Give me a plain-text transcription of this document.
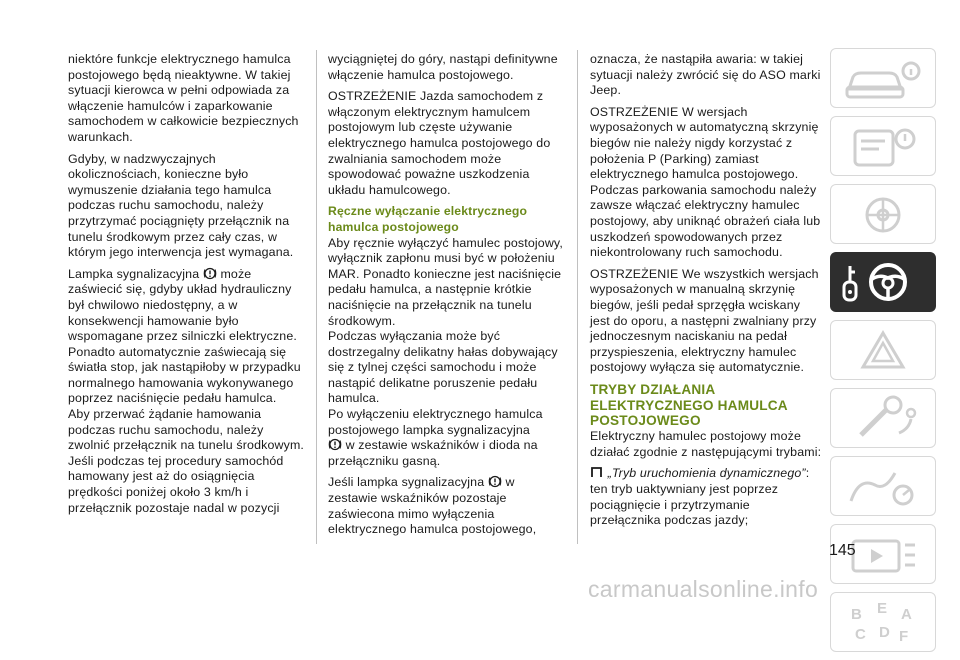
niektóre funkcje elektrycznego hamulca postojowego będą nieaktywne. W takiej sytuacji kierowca w pełni odpowiada za włączenie hamulców i zaparkowanie samochodem w całkowicie bezpiecznych warunkach.

Gdyby, w nadzwyczajnych okolicznościach, konieczne było wymuszenie działania tego hamulca podczas ruchu samochodu, należy przytrzymać pociągnięty przełącznik na tunelu środkowym przez cały czas, w którym jego interwencja jest wymagana.

Lampka sygnalizacyjna może zaświecić się, gdyby układ hydrauliczny był chwilowo niedostępny, a w konsekwencji hamowanie było wspomagane przez silniczki elektryczne. Ponadto automatycznie zaświecają się światła stop, jak nastąpiłoby w przypadku normalnego hamowania wykonywanego poprzez naciśnięcie pedału hamulca.

Aby przerwać żądanie hamowania podczas ruchu samochodu, należy zwolnić przełącznik na tunelu środkowym.

Jeśli podczas tej procedury samochód hamowany jest aż do osiągnięcia prędkości poniżej około 3 km/h i przełącznik pozostaje nadal w pozycji

wyciągniętej do góry, nastąpi definitywne włączenie hamulca postojowego.

OSTRZEŻENIE Jazda samochodem z włączonym elektrycznym hamulcem postojowym lub częste używanie elektrycznego hamulca postojowego do zwalniania samochodem może spowodować poważne uszkodzenia układu hamulcowego.

Ręczne wyłączanie elektrycznego hamulca postojowego

Aby ręcznie wyłączyć hamulec postojowy, wyłącznik zapłonu musi być w położeniu MAR. Ponadto konieczne jest naciśnięcie pedału hamulca, a następnie krótkie naciśnięcie na przełącznik na tunelu środkowym.

Podczas wyłączania może być dostrzegalny delikatny hałas dobywający się z tylnej części samochodu i może nastąpić delikatne poruszenie pedału hamulca.

Po wyłączeniu elektrycznego hamulca postojowego lampka sygnalizacyjna

w zestawie wskaźników i dioda na przełączniku gasną.

Jeśli lampka sygnalizacyjna w zestawie wskaźników pozostaje zaświecona mimo wyłączenia elektrycznego hamulca postojowego,

oznacza, że nastąpiła awaria: w takiej sytuacji należy zwrócić się do ASO marki Jeep.

OSTRZEŻENIE W wersjach wyposażonych w automatyczną skrzynię biegów nie należy nigdy korzystać z położenia P (Parking) zamiast elektrycznego hamulca postojowego. Podczas parkowania samochodu należy zawsze włączać elektryczny hamulec postojowy, aby uniknąć obrażeń ciała lub uszkodzeń spowodowanych przez niekontrolowany ruch samochodu.

OSTRZEŻENIE We wszystkich wersjach wyposażonych w manualną skrzynię biegów, jeśli pedał sprzęgła wciskany jest do oporu, a następni zwalniany przy jednoczesnym naciskaniu na pedał przyspieszenia, elektryczny hamulec postojowy wyłącza się automatycznie.

TRYBY DZIAŁANIA
ELEKTRYCZNEGO HAMULCA
POSTOJOWEGO

Elektryczny hamulec postojowy może działać zgodnie z następującymi trybami:

„Tryb uruchomienia dynamicznego”: ten tryb uaktywniany jest poprzez pociągnięcie i przytrzymanie przełącznika podczas jazdy;

B E A
C D F
145
carmanualsonline.info
